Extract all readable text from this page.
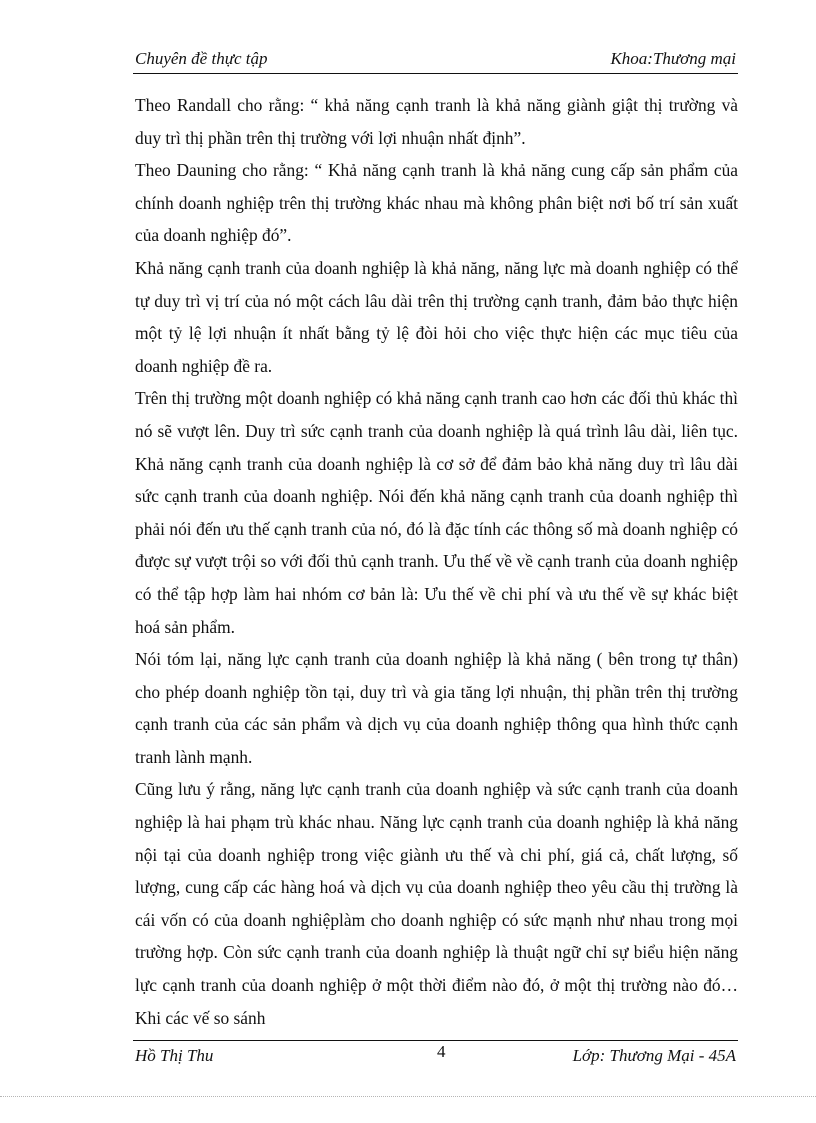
Chuyên đề thực tập	Khoa:Thương mại

Theo Randall cho rằng: “ khả năng cạnh tranh là khả năng giành giật thị trường và duy trì thị phần trên thị trường với lợi nhuận nhất định”.

Theo Dauning cho rằng: “ Khả năng cạnh tranh là khả năng cung cấp sản phẩm của chính doanh nghiệp trên thị trường khác nhau mà không phân biệt nơi bố trí sản xuất của doanh nghiệp đó”.

Khả năng cạnh tranh của doanh nghiệp là khả năng, năng lực mà doanh nghiệp có thể tự duy trì vị trí của nó một cách lâu dài trên thị trường cạnh tranh, đảm bảo thực hiện một tỷ lệ lợi nhuận ít nhất bằng tỷ lệ đòi hỏi cho việc thực hiện các mục tiêu của doanh nghiệp đề ra.

Trên thị trường một doanh nghiệp có khả năng cạnh tranh cao hơn các đối thủ khác thì nó sẽ vượt lên. Duy trì sức cạnh tranh của doanh nghiệp là quá trình lâu dài, liên tục. Khả năng cạnh tranh của doanh nghiệp là cơ sở để đảm bảo khả năng duy trì lâu dài sức cạnh tranh của doanh nghiệp. Nói đến khả năng cạnh tranh của doanh nghiệp thì phải nói đến ưu thế cạnh tranh của nó, đó là đặc tính các thông số mà doanh nghiệp có được sự vượt trội so với đối thủ cạnh tranh. Ưu thế về về cạnh tranh của doanh nghiệp có thể tập hợp làm hai nhóm cơ bản là: Ưu thế về chi phí và ưu thế về sự khác biệt hoá sản phẩm.

Nói tóm lại, năng lực cạnh tranh của doanh nghiệp là khả năng ( bên trong tự thân) cho phép doanh nghiệp tồn tại, duy trì và gia tăng lợi nhuận, thị phần trên thị trường cạnh tranh của các sản phẩm và dịch vụ của doanh nghiệp thông qua hình thức cạnh tranh lành mạnh.

Cũng lưu ý rằng, năng lực cạnh tranh của doanh nghiệp và sức cạnh tranh của doanh nghiệp là hai phạm trù khác nhau. Năng lực cạnh tranh của doanh nghiệp là khả năng nội tại của doanh nghiệp trong việc giành ưu thế và chi phí, giá cả, chất lượng, số lượng, cung cấp các hàng hoá và dịch vụ của doanh nghiệp theo yêu cầu thị trường là cái vốn có của doanh nghiệplàm cho doanh nghiệp có sức mạnh như nhau trong mọi trường hợp. Còn sức cạnh tranh của doanh nghiệp là thuật ngữ chỉ sự biểu hiện năng lực cạnh tranh của doanh nghiệp ở một thời điểm nào đó, ở một thị trường nào đó…Khi các vế so sánh

Hồ Thị Thu	4	Lớp: Thương Mại - 45A
